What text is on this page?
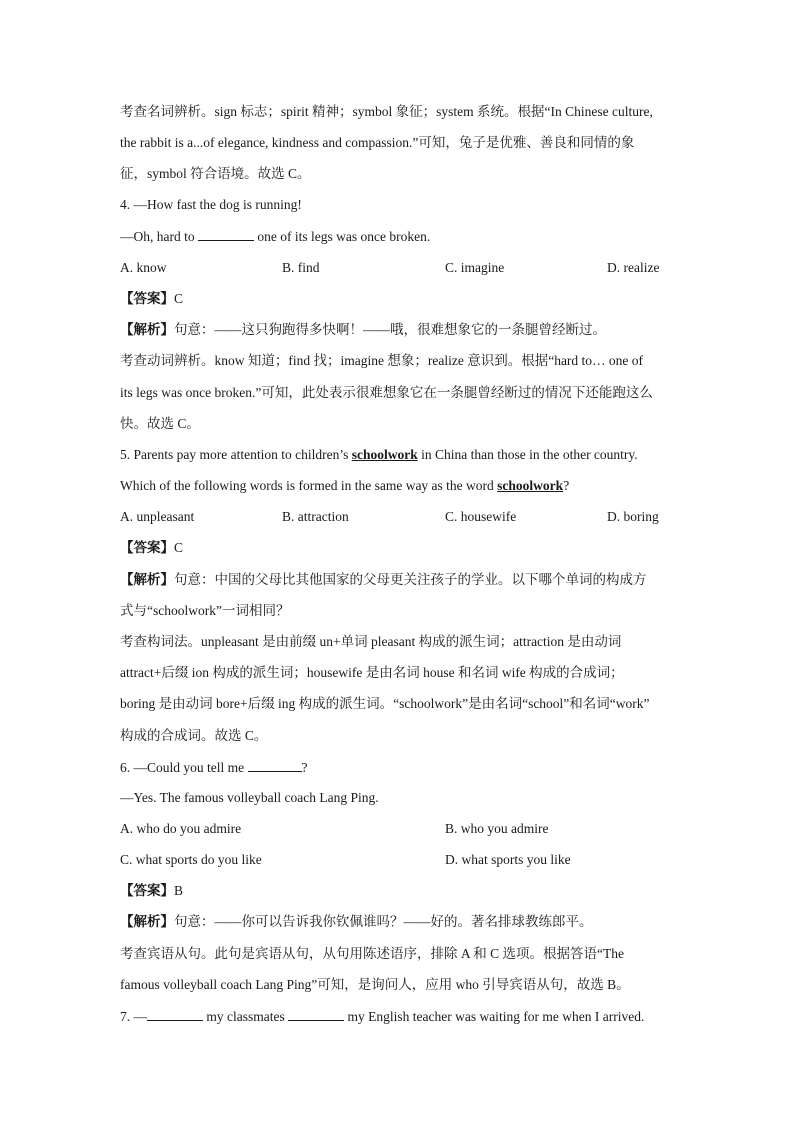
考查名词辨析。sign 标志；spirit 精神；symbol 象征；system 系统。根据“In Chinese culture,
the rabbit is a...of elegance, kindness and compassion.”可知，兔子是优雅、善良和同情的象
征，symbol 符合语境。故选 C。
4. —How fast the dog is running!
—Oh, hard to	one of its legs was once broken.
A. know	B. find	C. imagine	D. realize
【答案】C
【解析】句意：——这只狗跑得多快啊！——哦，很难想象它的一条腿曾经断过。
考查动词辨析。know 知道；find 找；imagine 想象；realize 意识到。根据“hard to… one of
its legs was once broken.”可知，此处表示很难想象它在一条腿曾经断过的情况下还能跑这么
快。故选 C。
5. Parents pay more attention to children’s schoolwork in China than those in the other country.
Which of the following words is formed in the same way as the word schoolwork?
A. unpleasant	B. attraction	C. housewife	D. boring
【答案】C
【解析】句意：中国的父母比其他国家的父母更关注孩子的学业。以下哪个单词的构成方
式与“schoolwork”一词相同？
考查构词法。unpleasant 是由前缀 un+单词 pleasant 构成的派生词；attraction 是由动词
attract+后缀 ion 构成的派生词；housewife 是由名词 house 和名词 wife 构成的合成词；
boring 是由动词 bore+后缀 ing 构成的派生词。“schoolwork”是由名词“school”和名词“work”
构成的合成词。故选 C。
6. —Could you tell me	?
—Yes. The famous volleyball coach Lang Ping.
A. who do you admire	B. who you admire
C. what sports do you like	D. what sports you like
【答案】B
【解析】句意：——你可以告诉我你钦佩谁吗？——好的。著名排球教练郎平。
考查宾语从句。此句是宾语从句，从句用陈述语序，排除 A 和 C 选项。根据答语“The
famous volleyball coach Lang Ping”可知，是询问人，应用 who 引导宾语从句，故选 B。
7. —	my classmates	my English teacher was waiting for me when I arrived.
